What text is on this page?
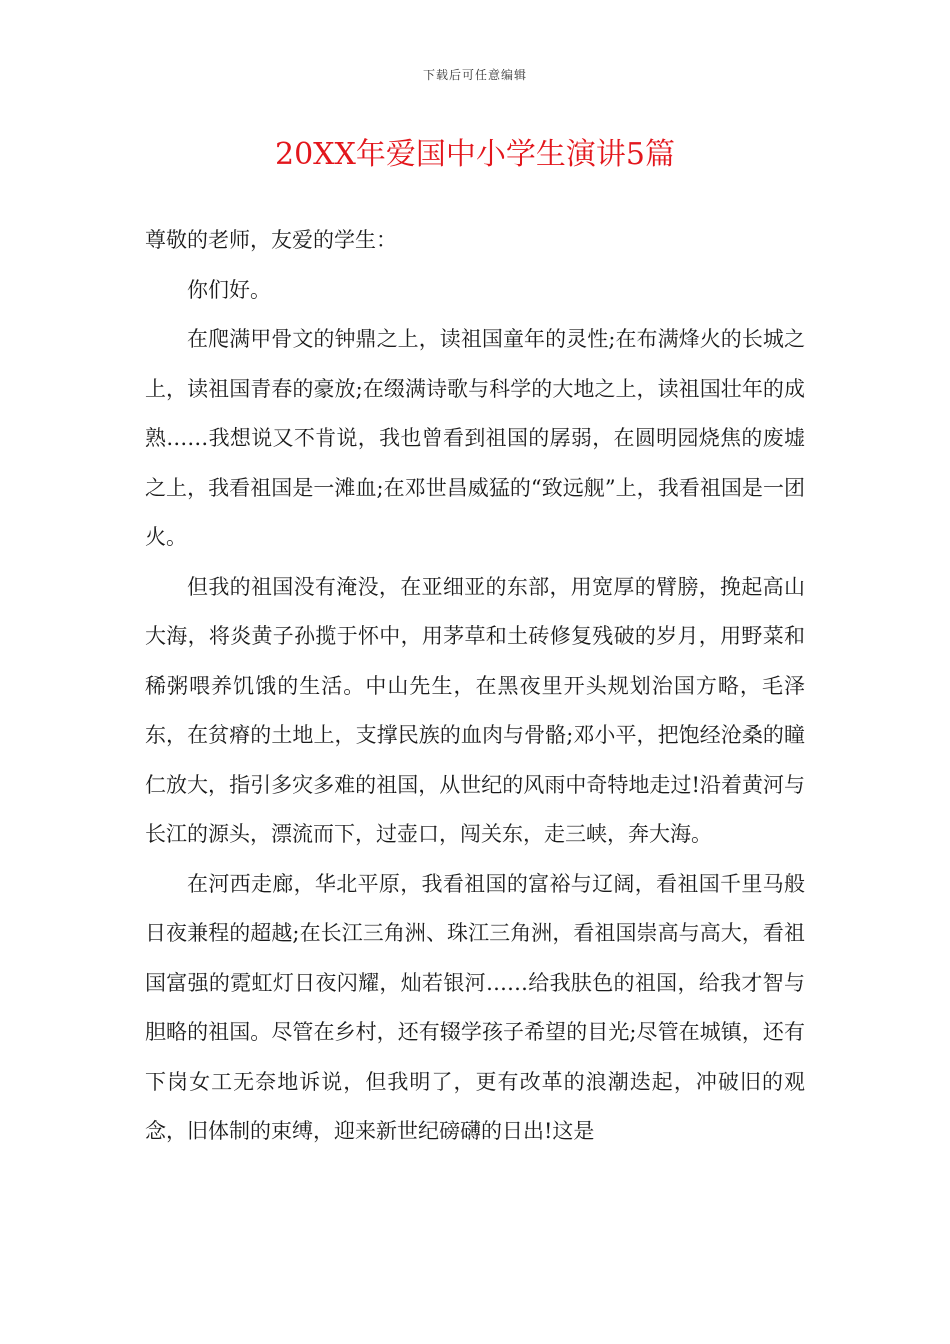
下载后可任意编辑
20XX年爱国中小学生演讲5篇

尊敬的老师，友爱的学生：

你们好。

在爬满甲骨文的钟鼎之上，读祖国童年的灵性;在布满烽火的长城之上，读祖国青春的豪放;在缀满诗歌与科学的大地之上，读祖国壮年的成熟……我想说又不肯说，我也曾看到祖国的孱弱，在圆明园烧焦的废墟之上，我看祖国是一滩血;在邓世昌威猛的“致远舰”上，我看祖国是一团火。

但我的祖国没有淹没，在亚细亚的东部，用宽厚的臂膀，挽起高山大海，将炎黄子孙揽于怀中，用茅草和土砖修复残破的岁月，用野菜和稀粥喂养饥饿的生活。中山先生，在黑夜里开头规划治国方略，毛泽东，在贫瘠的土地上，支撑民族的血肉与骨骼;邓小平，把饱经沧桑的瞳仁放大，指引多灾多难的祖国，从世纪的风雨中奇特地走过!沿着黄河与长江的源头，漂流而下，过壶口，闯关东，走三峡，奔大海。

在河西走廊，华北平原，我看祖国的富裕与辽阔，看祖国千里马般日夜兼程的超越;在长江三角洲、珠江三角洲，看祖国崇高与高大，看祖国富强的霓虹灯日夜闪耀，灿若银河……给我肤色的祖国，给我才智与胆略的祖国。尽管在乡村，还有辍学孩子希望的目光;尽管在城镇，还有下岗女工无奈地诉说，但我明了，更有改革的浪潮迭起，冲破旧的观念，旧体制的束缚，迎来新世纪磅礴的日出!这是
